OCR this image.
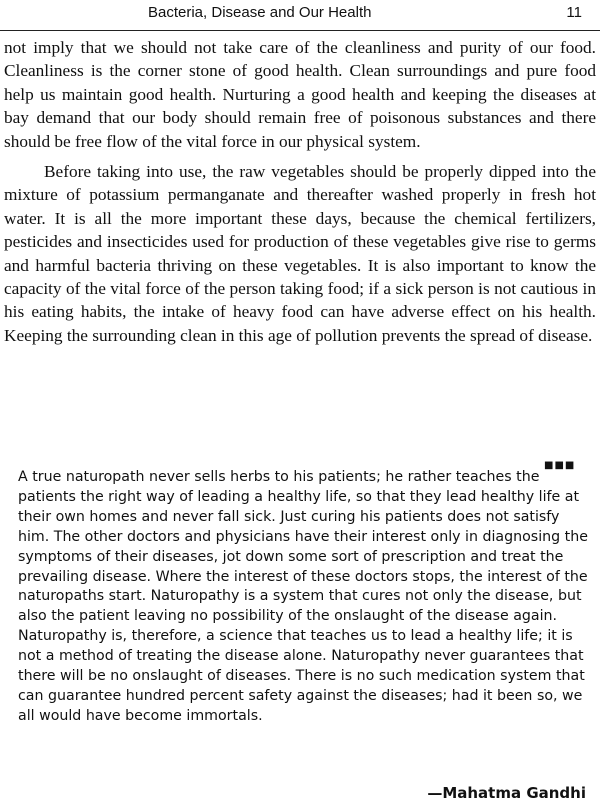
Bacteria, Disease and Our Health	11

not imply that we should not take care of the cleanliness and purity of our food. Cleanliness is the corner stone of good health. Clean surroundings and pure food help us maintain good health. Nurturing a good health and keeping the diseases at bay demand that our body should remain free of poisonous substances and there should be free flow of the vital force in our physical system.

Before taking into use, the raw vegetables should be properly dipped into the mixture of potassium permanganate and thereafter washed properly in fresh hot water. It is all the more important these days, because the chemical fertilizers, pesticides and insecticides used for production of these vegetables give rise to germs and harmful bacteria thriving on these vegetables. It is also important to know the capacity of the vital force of the person taking food; if a sick person is not cautious in his eating habits, the intake of heavy food can have adverse effect on his health. Keeping the surrounding clean in this age of pollution prevents the spread of disease.

■■■

A true naturopath never sells herbs to his patients; he rather teaches the patients the right way of leading a healthy life, so that they lead healthy life at their own homes and never fall sick. Just curing his patients does not satisfy him. The other doctors and physicians have their interest only in diagnosing the symptoms of their diseases, jot down some sort of prescription and treat the prevailing disease. Where the interest of these doctors stops, the interest of the naturopaths start. Naturopathy is a system that cures not only the disease, but also the patient leaving no possibility of the onslaught of the disease again. Naturopathy is, therefore, a science that teaches us to lead a healthy life; it is not a method of treating the disease alone. Naturopathy never guarantees that there will be no onslaught of diseases. There is no such medication system that can guarantee hundred percent safety against the diseases; had it been so, we all would have become immortals.

—Mahatma Gandhi
